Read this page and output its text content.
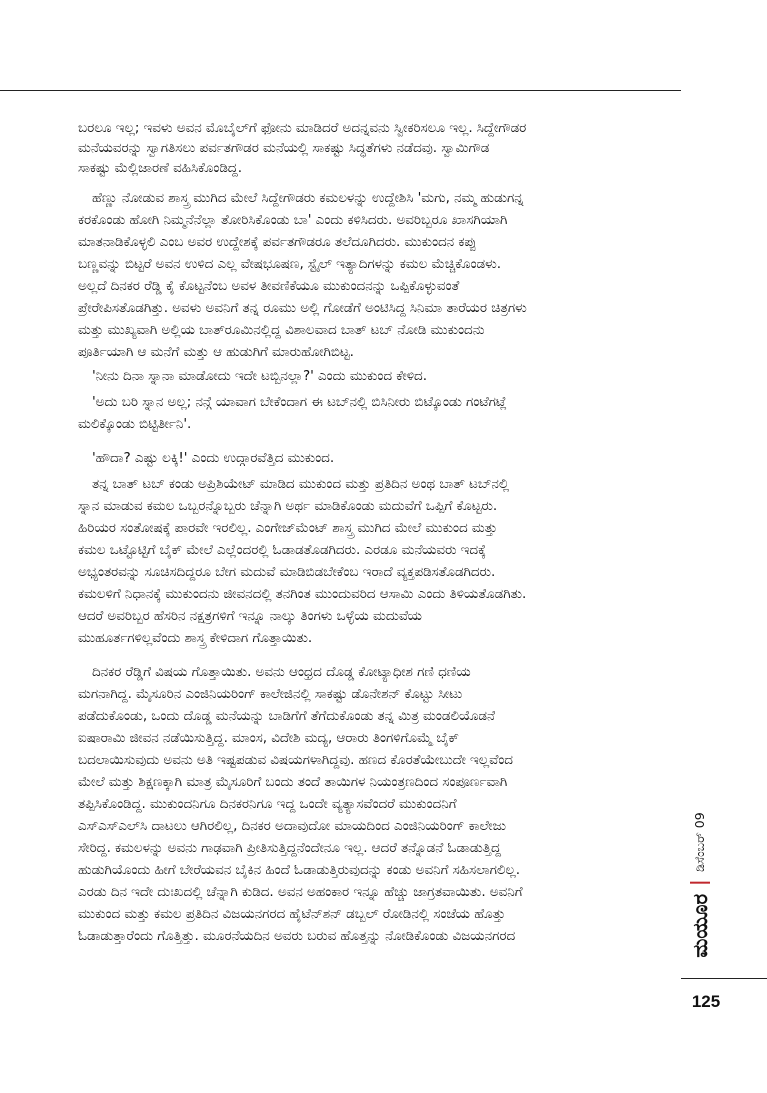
ಬರಲೂ ಇಲ್ಲ; ಇವಳು ಅವನ ಮೊಬೈಲ್‌ಗೆ ಫೋನು ಮಾಡಿದರೆ ಅದನ್ನವನು ಸ್ವೀಕರಿಸಲೂ ಇಲ್ಲ. ಸಿದ್ದೇಗೌಡರ
ಮನೆಯವರನ್ನು ಸ್ವಾಗತಿಸಲು ಪರ್ವತಗೌಡರ ಮನೆಯಲ್ಲಿ ಸಾಕಷ್ಟು ಸಿದ್ಧತೆಗಳು ನಡೆದವು. ಸ್ವಾಮಿಗೌಡ
ಸಾಕಷ್ಟು ಮೆಲ್ಲಿಜಾರಣೆ ವಹಿಸಿಕೊಂಡಿದ್ದ.
ಹೆಣ್ಣು ನೋಡುವ ಶಾಸ್ತ್ರ ಮುಗಿದ ಮೇಲೆ ಸಿದ್ದೇಗೌಡರು ಕಮಲಳನ್ನು ಉದ್ದೇಶಿಸಿ 'ಮಗು, ನಮ್ಮ ಹುಡುಗನ್ನ
ಕರಕೊಂಡು ಹೋಗಿ ನಿಮ್ಮನೆನೆಲ್ಲಾ ತೋರಿಸಿಕೊಂಡು ಬಾ' ಎಂದು ಕಳಿಸಿದರು. ಅವರಿಬ್ಬರೂ ಖಾಸಗಿಯಾಗಿ
ಮಾತನಾಡಿಕೊಳ್ಳಲಿ ಎಂಬ ಅವರ ಉದ್ದೇಶಕ್ಕೆ ಪರ್ವತಗೌಡರೂ ತಲೆದೂಗಿದರು. ಮುಕುಂದನ ಕಪ್ಪು
ಬಣ್ಣವನ್ನು ಬಿಟ್ಟರೆ ಅವನ ಉಳಿದ ಎಲ್ಲ ವೇಷಭೂಷಣ, ಸ್ಟೈಲ್ ಇತ್ಯಾದಿಗಳನ್ನು ಕಮಲ ಮೆಚ್ಚಿಕೊಂಡಳು.
ಅಲ್ಲದೆ ದಿನಕರ ರೆಡ್ಡಿ ಕೈ ಕೊಟ್ಟನೆಂಬ ಅವಳ ತೀವಣಿಕೆಯೂ ಮುಕುಂದನನ್ನು ಒಪ್ಪಿಕೊಳ್ಳುವಂತೆ
ಪ್ರೇರೇಪಿಸತೊಡಗಿತ್ತು. ಅವಳು ಅವನಿಗೆ ತನ್ನ ರೂಮು ಅಲ್ಲಿ ಗೋಡೆಗೆ ಅಂಟಿಸಿದ್ದ ಸಿನಿಮಾ ತಾರೆಯರ ಚಿತ್ರಗಳು
ಮತ್ತು ಮುಖ್ಯವಾಗಿ ಅಲ್ಲಿಯ ಬಾತ್‌ರೂಮಿನಲ್ಲಿದ್ದ ವಿಶಾಲವಾದ ಬಾತ್ ಟಬ್ ನೋಡಿ ಮುಕುಂದನು
ಪೂರ್ತಿಯಾಗಿ ಆ ಮನೆಗೆ ಮತ್ತು ಆ ಹುಡುಗಿಗೆ ಮಾರುಹೋಗಿಬಿಟ್ಟ.
'ನೀನು ದಿನಾ ಸ್ನಾನಾ ಮಾಡೋದು ಇದೇ ಟಬ್ಬಿನಲ್ಲಾ?' ಎಂದು ಮುಕುಂದ ಕೇಳಿದ.
'ಅದು ಬರಿ ಸ್ನಾನ ಅಲ್ಲ; ನನ್ಗೆ ಯಾವಾಗ ಬೇಕೆಂದಾಗ ಈ ಟಬ್‌ನಲ್ಲಿ ಬಿಸಿನೀರು ಬಿಟ್ಕೊಂಡು ಗಂಟೆಗಟ್ಲೆ
ಮಲಿಕ್ಕೊಂಡು ಬಿಟ್ಟಿರ್ತೀನಿ'.
'ಹೌದಾ? ಎಷ್ಟು ಲಕ್ಕಿ!' ಎಂದು ಉದ್ಗಾರವೆತ್ತಿದ ಮುಕುಂದ.
ತನ್ನ ಬಾತ್ ಟಬ್ ಕಂಡು ಅಪ್ರಿಶಿಯೇಟ್ ಮಾಡಿದ ಮುಕುಂದ ಮತ್ತು ಪ್ರತಿದಿನ ಅಂಥ ಬಾತ್ ಟಬ್‌ನಲ್ಲಿ
ಸ್ನಾನ ಮಾಡುವ ಕಮಲ ಒಬ್ಬರನ್ನೊಬ್ಬರು ಚೆನ್ನಾಗಿ ಅರ್ಥ ಮಾಡಿಕೊಂಡು ಮದುವೆಗೆ ಒಪ್ಪಿಗೆ ಕೊಟ್ಟರು.
ಹಿರಿಯರ ಸಂತೋಷಕ್ಕೆ ಪಾರವೇ ಇರಲಿಲ್ಲ. ಎಂಗೇಜ್‌ಮೆಂಟ್ ಶಾಸ್ತ್ರ ಮುಗಿದ ಮೇಲೆ ಮುಕುಂದ ಮತ್ತು
ಕಮಲ ಒಟ್ಟೊಟ್ಟಿಗೆ ಬೈಕ್ ಮೇಲೆ ಎಲ್ಲೆಂದರಲ್ಲಿ ಓಡಾಡತೊಡಗಿದರು. ಎರಡೂ ಮನೆಯವರು ಇದಕ್ಕೆ
ಅಭ್ಯಂತರವನ್ನು ಸೂಚಿಸದಿದ್ದರೂ ಬೇಗ ಮದುವೆ ಮಾಡಿಬಿಡಬೇಕೆಂಬ ಇರಾದೆ ವ್ಯಕ್ತಪಡಿಸತೊಡಗಿದರು.
ಕಮಲಳಿಗೆ ನಿಧಾನಕ್ಕೆ ಮುಕುಂದನು ಜೀವನದಲ್ಲಿ ತನಗಿಂತ ಮುಂದುವರಿದ ಆಸಾಮಿ ಎಂದು ತಿಳಿಯತೊಡಗಿತು.
ಆದರೆ ಅವರಿಬ್ಬರ ಹೆಸರಿನ ನಕ್ಷತ್ರಗಳಿಗೆ ಇನ್ನೂ ನಾಲ್ಕು ತಿಂಗಳು ಒಳ್ಳೆಯ ಮದುವೆಯ
ಮುಹೂರ್ತಗಳಿಲ್ಲವೆಂದು ಶಾಸ್ತ್ರ ಕೇಳಿದಾಗ ಗೊತ್ತಾಯಿತು.
ದಿನಕರ ರೆಡ್ಡಿಗೆ ವಿಷಯ ಗೊತ್ತಾಯಿತು. ಅವನು ಆಂಧ್ರದ ದೊಡ್ಡ ಕೋಟ್ಯಾಧೀಶ ಗಣಿ ಧಣಿಯ
ಮಗನಾಗಿದ್ದ. ಮೈಸೂರಿನ ಎಂಜಿನಿಯರಿಂಗ್ ಕಾಲೇಜಿನಲ್ಲಿ ಸಾಕಷ್ಟು ಡೊನೇಶನ್ ಕೊಟ್ಟು ಸೀಟು
ಪಡೆದುಕೊಂಡು, ಒಂದು ದೊಡ್ಡ ಮನೆಯನ್ನು ಬಾಡಿಗೆಗೆ ತೆಗೆದುಕೊಂಡು ತನ್ನ ಮಿತ್ರ ಮಂಡಲಿಯೊಡನೆ
ಐಷಾರಾಮಿ ಜೀವನ ನಡೆಯಿಸುತ್ತಿದ್ದ. ಮಾಂಸ, ವಿದೇಶಿ ಮದ್ಯ, ಆರಾರು ತಿಂಗಳಿಗೊಮ್ಮೆ ಬೈಕ್
ಬದಲಾಯಿಸುವುದು ಅವನು ಅತಿ ಇಷ್ಟಪಡುವ ವಿಷಯಗಳಾಗಿದ್ದವು. ಹಣದ ಕೊರತೆಯೇಬುದೇ ಇಲ್ಲವೆಂದ
ಮೇಲೆ ಮತ್ತು ಶಿಕ್ಷಣಕ್ಕಾಗಿ ಮಾತ್ರ ಮೈಸೂರಿಗೆ ಬಂದು ತಂದೆ ತಾಯಿಗಳ ನಿಯಂತ್ರಣದಿಂದ ಸಂಪೂರ್ಣವಾಗಿ
ತಪ್ಪಿಸಿಕೊಂಡಿದ್ದ. ಮುಕುಂದನಿಗೂ ದಿನಕರನಿಗೂ ಇದ್ದ ಒಂದೇ ವ್ಯತ್ಯಾಸವೆಂದರೆ ಮುಕುಂದನಿಗೆ
ಎಸ್‌ಎಸ್‌ಎಲ್‌ಸಿ ದಾಟಲು ಆಗಿರಲಿಲ್ಲ, ದಿನಕರ ಅದಾವುದೋ ಮಾಯದಿಂದ ಎಂಜಿನಿಯರಿಂಗ್ ಕಾಲೇಜು
ಸೇರಿದ್ದ. ಕಮಲಳನ್ನು ಅವನು ಗಾಢವಾಗಿ ಪ್ರೀತಿಸುತ್ತಿದ್ದನೆಂದೇನೂ ಇಲ್ಲ. ಆದರೆ ತನ್ನೊಡನೆ ಓಡಾಡುತ್ತಿದ್ದ
ಹುಡುಗಿಯೊಂದು ಹೀಗೆ ಬೇರೆಯವನ ಬೈಕಿನ ಹಿಂದೆ ಓಡಾಡುತ್ತಿರುವುದನ್ನು ಕಂಡು ಅವನಿಗೆ ಸಹಿಸಲಾಗಲಿಲ್ಲ.
ಎರಡು ದಿನ ಇದೇ ದುಃಖದಲ್ಲಿ ಚೆನ್ನಾಗಿ ಕುಡಿದ. ಅವನ ಅಹಂಕಾರ ಇನ್ನೂ ಹೆಚ್ಚು ಜಾಗ್ರತವಾಯಿತು. ಅವನಿಗೆ
ಮುಕುಂದ ಮತ್ತು ಕಮಲ ಪ್ರತಿದಿನ ವಿಜಯನಗರದ ಹೈಟೆನ್‌ಶನ್ ಡಬ್ಬಲ್ ರೋಡಿನಲ್ಲಿ ಸಂಜೆಯ ಹೊತ್ತು
ಓಡಾಡುತ್ತಾರೆಂದು ಗೊತ್ತಿತ್ತು. ಮೂರನೆಯದಿನ ಅವರು ಬರುವ ಹೊತ್ತನ್ನು ನೋಡಿಕೊಂಡು ವಿಜಯನಗರದ	ಮಯೂರ
ಡಿಸೆಂಬರ್ 09
125
